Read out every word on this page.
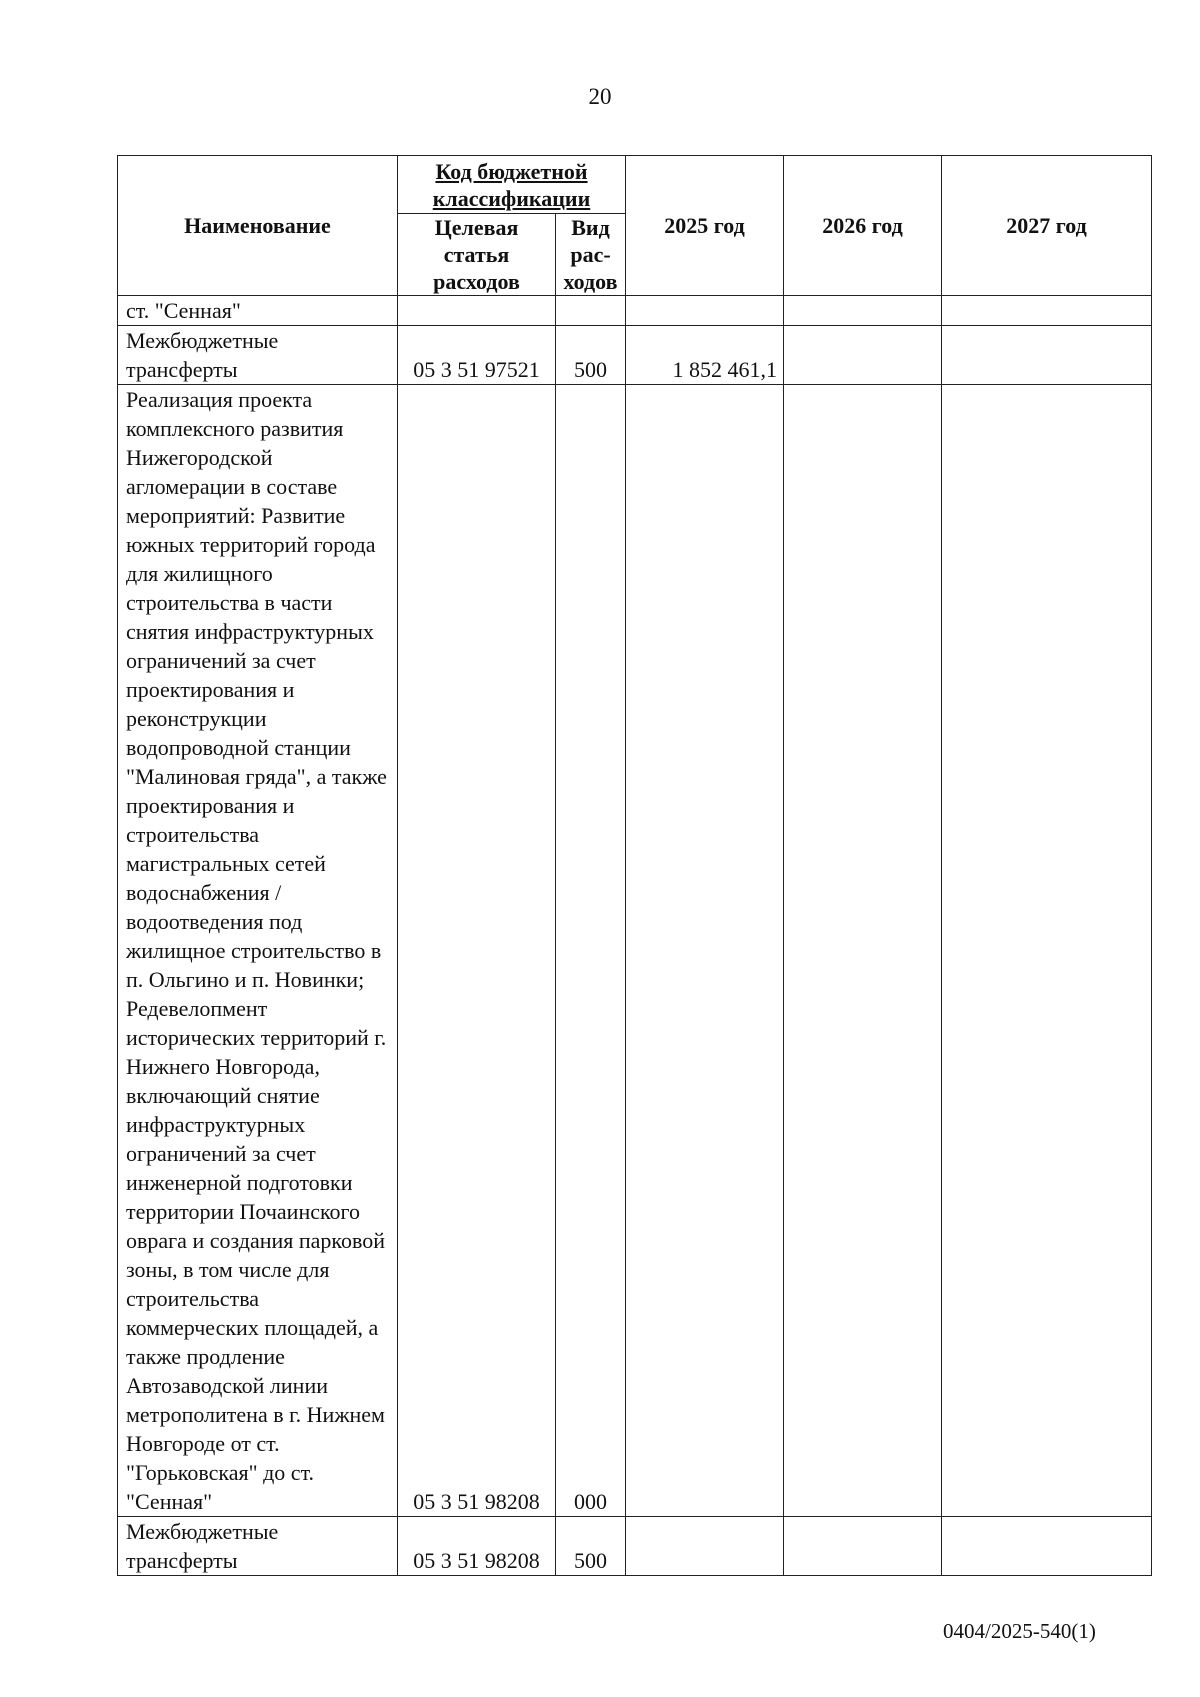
20
Наименование	Код бюджетной классификации		2025 год	2026 год	2027 год
	Целевая статья расходов	Вид рас-ходов			
ст. "Сенная"					
Межбюджетные трансферты	05 3 51 97521	500	1 852 461,1		
Реализация проекта комплексного развития Нижегородской агломерации в составе мероприятий: Развитие южных территорий города для жилищного строительства в части снятия инфраструктурных ограничений за счет проектирования и реконструкции водопроводной станции "Малиновая гряда", а также проектирования и строительства магистральных сетей водоснабжения / водоотведения под жилищное строительство в п. Ольгино и п. Новинки; Редевелопмент исторических территорий г. Нижнего Новгорода, включающий снятие инфраструктурных ограничений за счет инженерной подготовки территории Почаинского оврага и создания парковой зоны, в том числе для строительства коммерческих площадей, а также продление Автозаводской линии метрополитена в г. Нижнем Новгороде от ст. "Горьковская" до ст. "Сенная"	05 3 51 98208	000			
Межбюджетные трансферты	05 3 51 98208	500			
0404/2025-540(1)
